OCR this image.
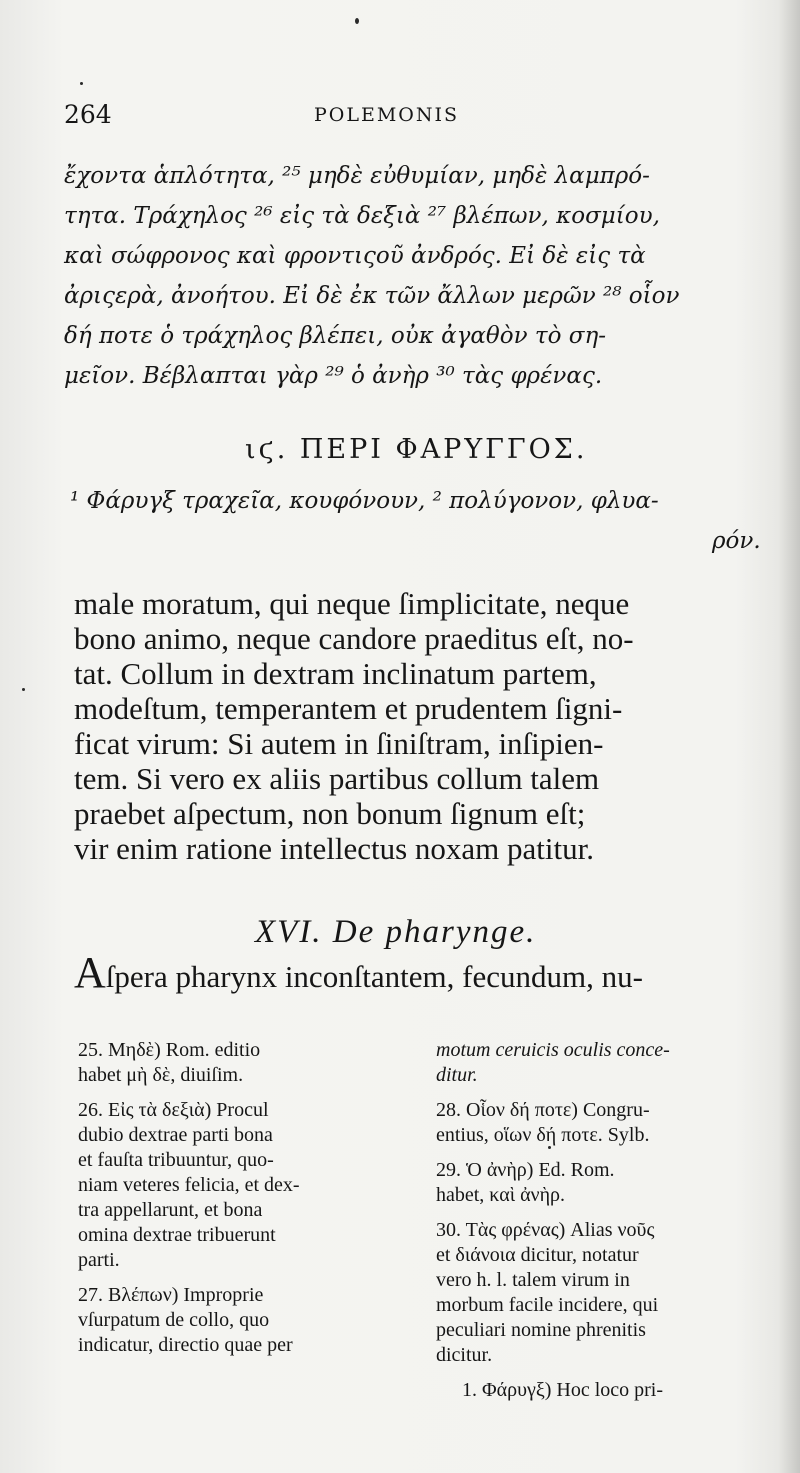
264	POLEMONIS

ἔχοντα ἁπλότητα, ²⁵ μηδὲ εὐθυμίαν, μηδὲ λαμπρό-

τητα. Τράχηλος ²⁶ εἰς τὰ δεξιὰ ²⁷ βλέπων, κοσμίου,

καὶ σώφρονος καὶ φροντιςοῦ ἀνδρός. Εἰ δὲ εἰς τὰ

ἀριςερὰ, ἀνοήτου. Εἰ δὲ ἐκ τῶν ἄλλων μερῶν ²⁸ οἷον

δή ποτε ὁ τράχηλος βλέπει, οὐκ ἀγαθὸν τὸ ση-

μεῖον. Βέβλαπται γὰρ ²⁹ ὁ ἀνὴρ ³⁰ τὰς φρένας.

ιϛ. ΠΕΡΙ ΦΑΡΥΓΓΟΣ.
¹ Φάρυγξ τραχεῖα, κουφόνουν, ² πολύγονον, φλυα-
ρόν.

male moratum, qui neque ſimplicitate, neque

bono animo, neque candore praeditus eſt, no-

tat. Collum in dextram inclinatum partem,

modeſtum, temperantem et prudentem ſigni-

ficat virum: Si autem in ſiniſtram, inſipien-

tem. Si vero ex aliis partibus collum talem

praebet aſpectum, non bonum ſignum eſt;

vir enim ratione intellectus noxam patitur.

XVI. De pharynge.
Aſpera pharynx inconſtantem, fecundum, nu-
25. Μηδὲ) Rom. editio
habet μὴ δὲ, diuiſim.
26. Εἰς τὰ δεξιὰ) Procul
dubio dextrae parti bona
et fauſta tribuuntur, quo-
niam veteres felicia, et dex-
tra appellarunt, et bona
omina dextrae tribuerunt
parti.
27. Βλέπων) Improprie
vſurpatum de collo, quo
indicatur, directio quae per
motum ceruicis oculis conce-
ditur.
28. Οἷον δή ποτε) Congru-
entius, οἵων δή ποτε. Sylb.
29. Ὁ ἀνὴρ) Ed. Rom.
habet, καὶ ἀνὴρ.
30. Τὰς φρένας) Alias νοῦς
et διάνοια dicitur, notatur
vero h. l. talem virum in
morbum facile incidere, qui
peculiari nomine phrenitis
dicitur.
1. Φάρυγξ) Hoc loco pri-
